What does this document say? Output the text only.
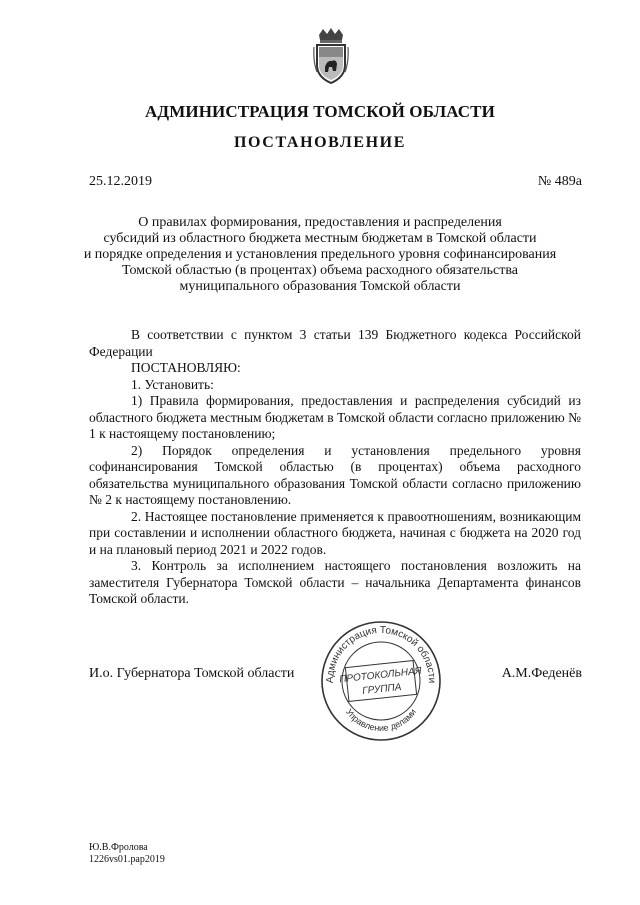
АДМИНИСТРАЦИЯ ТОМСКОЙ ОБЛАСТИ
ПОСТАНОВЛЕНИЕ
25.12.2019	№ 489а
О правилах формирования, предоставления и распределения
субсидий из областного бюджета местным бюджетам в Томской области
и порядке определения и установления предельного уровня софинансирования
Томской областью (в процентах) объема расходного обязательства
муниципального образования Томской области

В соответствии с пунктом 3 статьи 139 Бюджетного кодекса Российской

Федерации

ПОСТАНОВЛЯЮ:

1. Установить:

1) Правила формирования, предоставления и распределения субсидий из областного бюджета местным бюджетам в Томской области согласно приложению № 1 к настоящему постановлению;

2) Порядок определения и установления предельного уровня софинансирования Томской областью (в процентах) объема расходного обязательства муниципального образования Томской области согласно приложению № 2 к настоящему постановлению.

2. Настоящее постановление применяется к правоотношениям, возникающим при составлении и исполнении областного бюджета, начиная с бюджета на 2020 год и на плановый период 2021 и 2022 годов.

3. Контроль за исполнением настоящего постановления возложить на заместителя Губернатора Томской области – начальника Департамента финансов Томской области.

И.о. Губернатора Томской области	А.М.Феденёв
Администрация Томской области
Управление делами
ПРОТОКОЛЬНАЯ
ГРУППА
Ю.В.Фролова
1226vs01.pap2019
